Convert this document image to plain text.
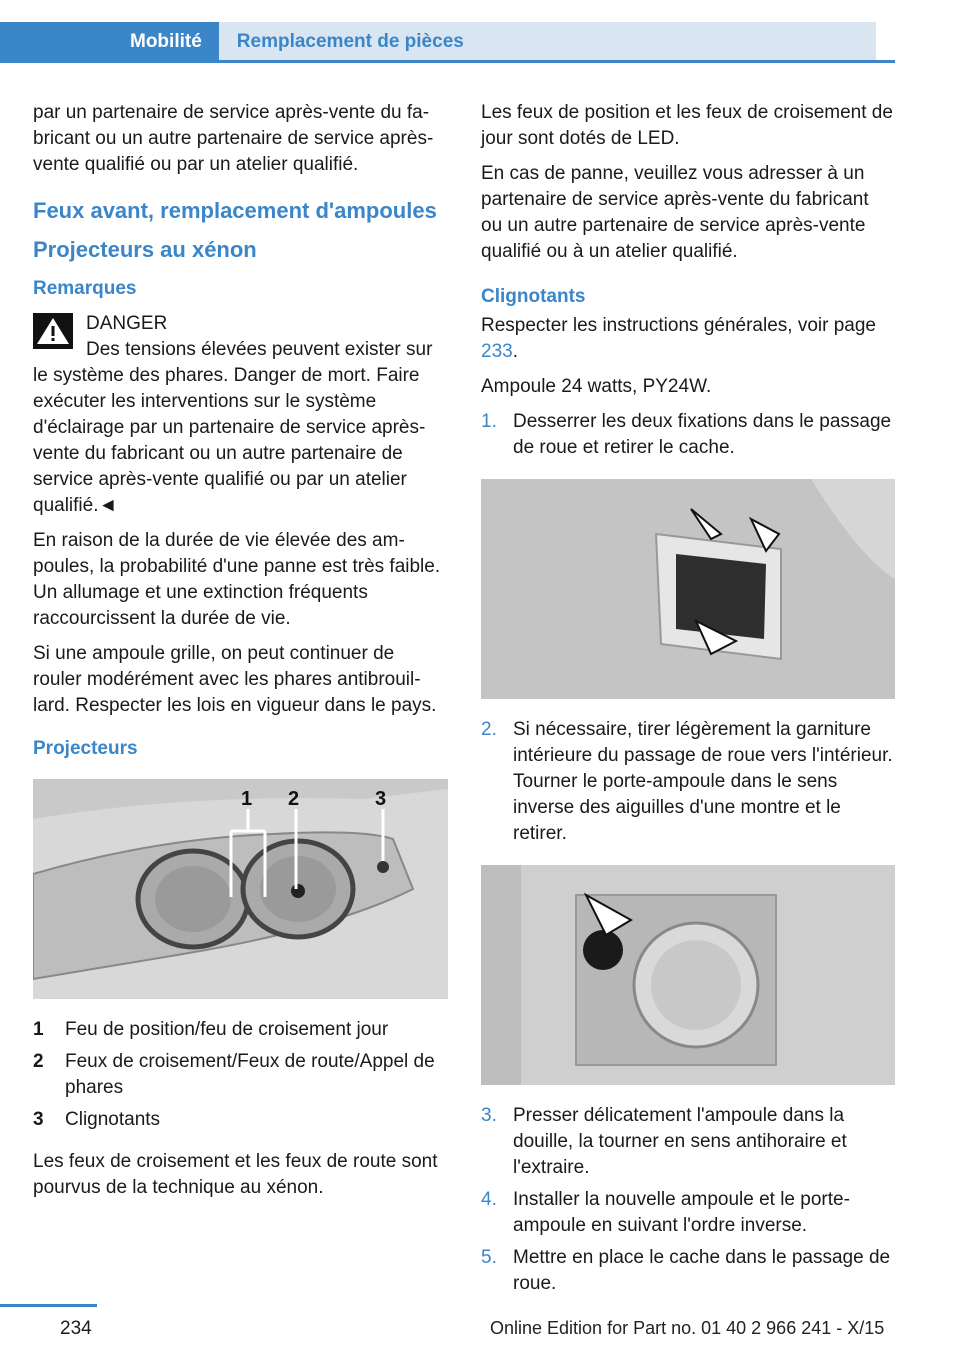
Mobilité	Remplacement de pièces

par un partenaire de service après-vente du fabricant ou un autre partenaire de service après-vente qualifié ou par un atelier qualifié.

Feux avant, remplacement d'ampoules
Projecteurs au xénon
Remarques
DANGER
Des tensions élevées peuvent exister sur le système des phares. Danger de mort. Faire exécuter les interventions sur le système d'éclairage par un partenaire de service après-vente du fabricant ou un autre partenaire de service après-vente qualifié ou par un atelier qualifié.◄

En raison de la durée de vie élevée des ampoules, la probabilité d'une panne est très faible. Un allumage et une extinction fréquents raccourcissent la durée de vie.

Si une ampoule grille, on peut continuer de rouler modérément avec les phares antibrouillard. Respecter les lois en vigueur dans le pays.

Projecteurs
1 2	3
1	Feu de position/feu de croisement jour
2	Feux de croisement/Feux de route/Appel de phares
3	Clignotants

Les feux de croisement et les feux de route sont pourvus de la technique au xénon.

Les feux de position et les feux de croisement de jour sont dotés de LED.

En cas de panne, veuillez vous adresser à un partenaire de service après-vente du fabricant ou un autre partenaire de service après-vente qualifié ou à un atelier qualifié.

Clignotants

Respecter les instructions générales, voir page 233.

Ampoule 24 watts, PY24W.

1. Desserrer les deux fixations dans le passage de roue et retirer le cache.
2. Si nécessaire, tirer légèrement la garniture intérieure du passage de roue vers l'intérieur. Tourner le porte-ampoule dans le sens inverse des aiguilles d'une montre et le retirer.
3. Presser délicatement l'ampoule dans la douille, la tourner en sens antihoraire et l'extraire.
4. Installer la nouvelle ampoule et le porte-ampoule en suivant l'ordre inverse.
5. Mettre en place le cache dans le passage de roue.
234	Online Edition for Part no. 01 40 2 966 241 - X/15
